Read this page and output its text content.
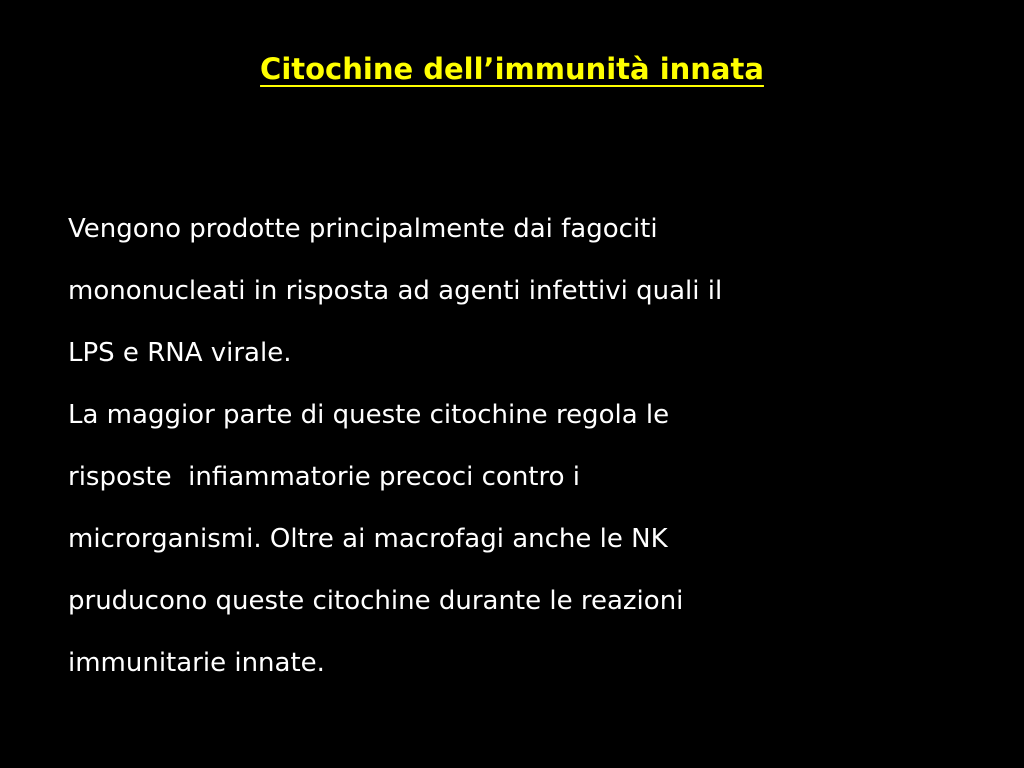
Citochine dell’immunità innata
Vengono prodotte principalmente dai fagociti
mononucleati in risposta ad agenti infettivi quali il
LPS e RNA virale.
La maggior parte di queste citochine regola le
risposte  infiammatorie precoci contro i
microrganismi. Oltre ai macrofagi anche le NK
pruducono queste citochine durante le reazioni
immunitarie innate.
